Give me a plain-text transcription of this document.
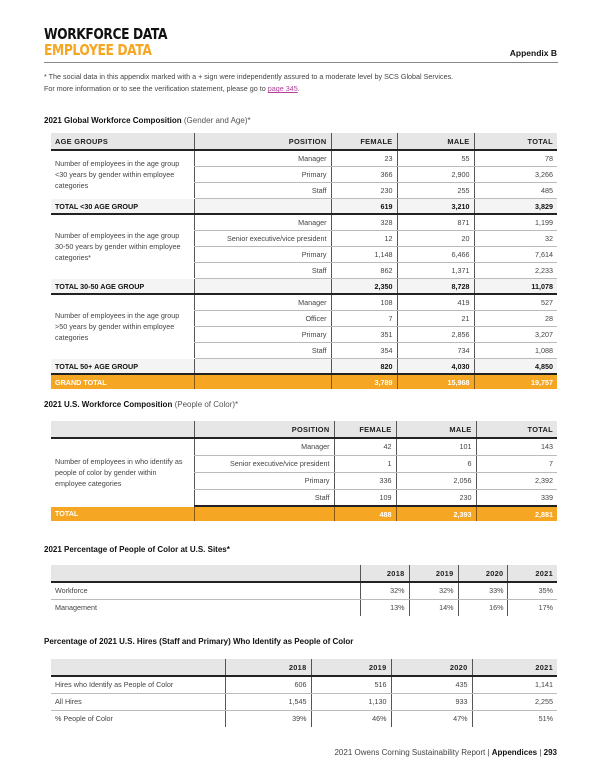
WORKFORCE DATA
EMPLOYEE DATA	Appendix B
* The social data in this appendix marked with a + sign were independently assured to a moderate level by SCS Global Services.
For more information or to see the verification statement, please go to page 345.
2021 Global Workforce Composition (Gender and Age)*
AGE GROUPS	POSITION	FEMALE	MALE	TOTAL
Number of employees in the age group <30 years by gender within employee categories	Manager	23	55	78
	Primary	366	2,900	3,266
	Staff	230	255	485
TOTAL <30 AGE GROUP		619	3,210	3,829
Number of employees in the age group 30-50 years by gender within employee categories*	Manager	328	871	1,199
	Senior executive/vice president	12	20	32
	Primary	1,148	6,466	7,614
	Staff	862	1,371	2,233
TOTAL 30-50 AGE GROUP		2,350	8,728	11,078
Number of employees in the age group >50 years by gender within employee categories	Manager	108	419	527
	Officer	7	21	28
	Primary	351	2,856	3,207
	Staff	354	734	1,088
TOTAL 50+ AGE GROUP		820	4,030	4,850
GRAND TOTAL		3,789	15,968	19,757
2021 U.S. Workforce Composition (People of Color)*
	POSITION	FEMALE	MALE	TOTAL
Number of employees in who identify as people of color by gender within employee categories	Manager	42	101	143
	Senior executive/vice president	1	6	7
	Primary	336	2,056	2,392
	Staff	109	230	339
TOTAL		488	2,393	2,881
2021 Percentage of People of Color at U.S. Sites*
	2018	2019	2020	2021
Workforce	32%	32%	33%	35%
Management	13%	14%	16%	17%
Percentage of 2021 U.S. Hires (Staff and Primary) Who Identify as People of Color
	2018	2019	2020	2021
Hires who Identify as People of Color	606	516	435	1,141
All Hires	1,545	1,130	933	2,255
% People of Color	39%	46%	47%	51%
2021 Owens Corning Sustainability Report | Appendices | 293
